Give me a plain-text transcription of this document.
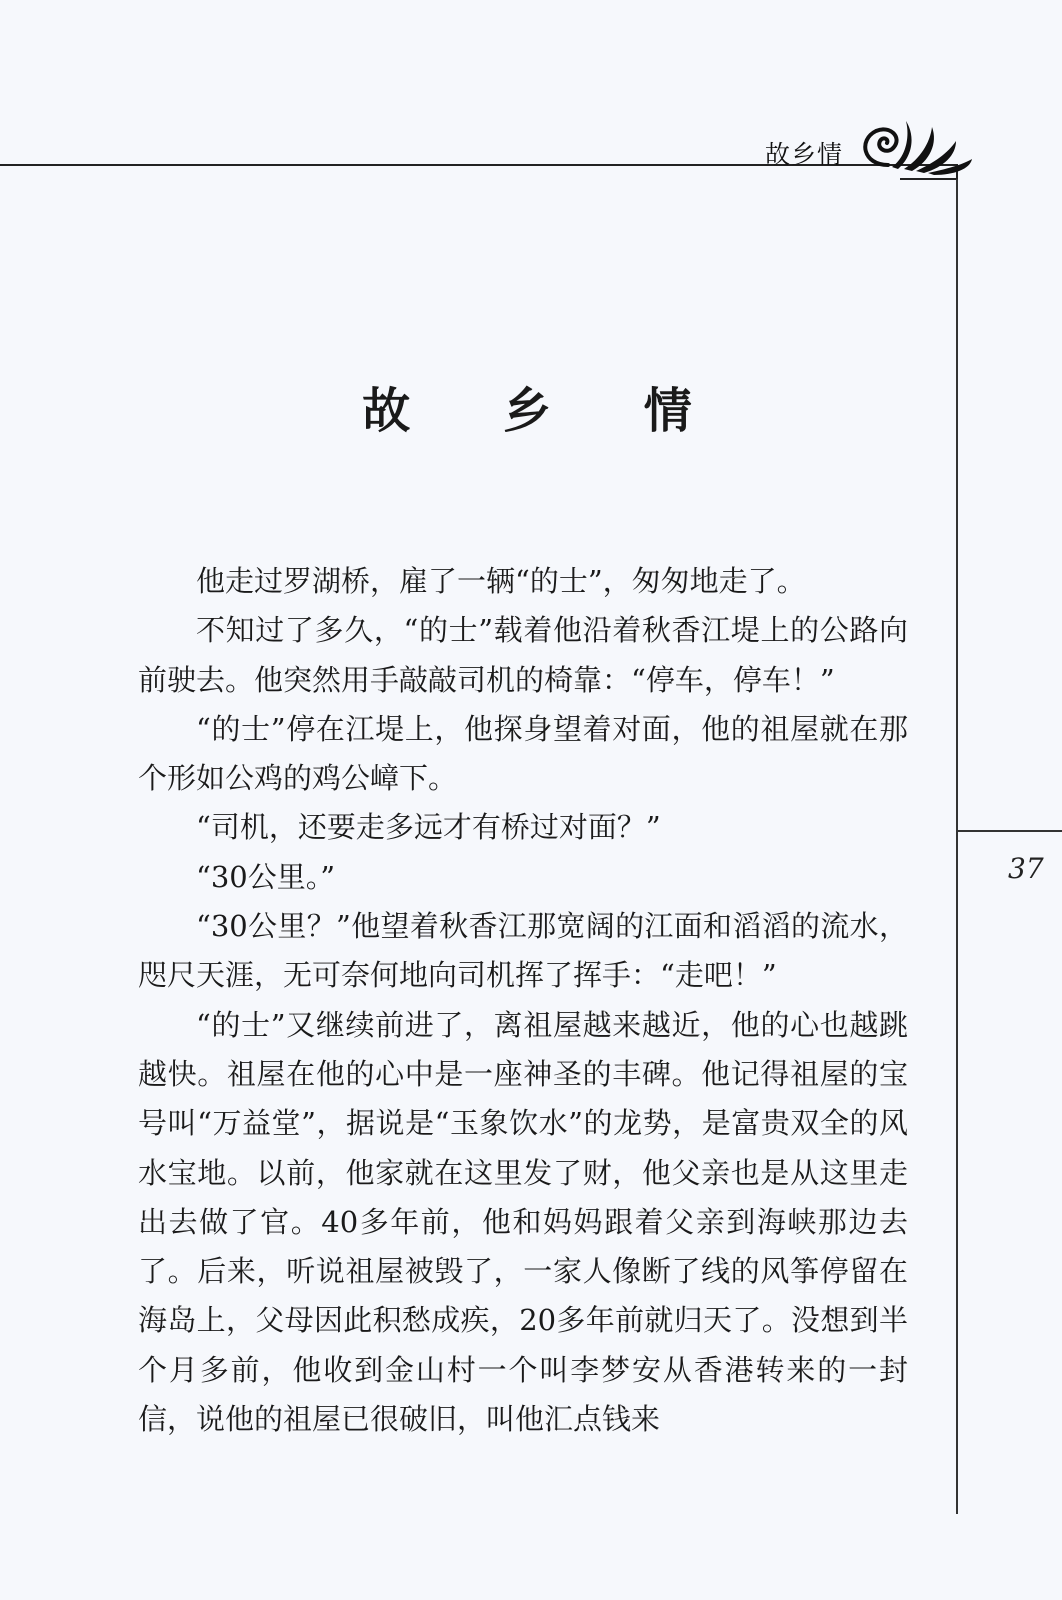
故乡情
37
故 乡 情

他走过罗湖桥，雇了一辆“的士”，匆匆地走了。

不知过了多久，“的士”载着他沿着秋香江堤上的公路向前驶去。他突然用手敲敲司机的椅靠：“停车，停车！”

“的士”停在江堤上，他探身望着对面，他的祖屋就在那个形如公鸡的鸡公嶂下。

“司机，还要走多远才有桥过对面？”

“30公里。”

“30公里？”他望着秋香江那宽阔的江面和滔滔的流水，咫尺天涯，无可奈何地向司机挥了挥手：“走吧！”

“的士”又继续前进了，离祖屋越来越近，他的心也越跳越快。祖屋在他的心中是一座神圣的丰碑。他记得祖屋的宝号叫“万益堂”，据说是“玉象饮水”的龙势，是富贵双全的风水宝地。以前，他家就在这里发了财，他父亲也是从这里走出去做了官。40多年前，他和妈妈跟着父亲到海峡那边去了。后来，听说祖屋被毁了，一家人像断了线的风筝停留在海岛上，父母因此积愁成疾，20多年前就归天了。没想到半个月多前，他收到金山村一个叫李梦安从香港转来的一封信，说他的祖屋已很破旧，叫他汇点钱来
